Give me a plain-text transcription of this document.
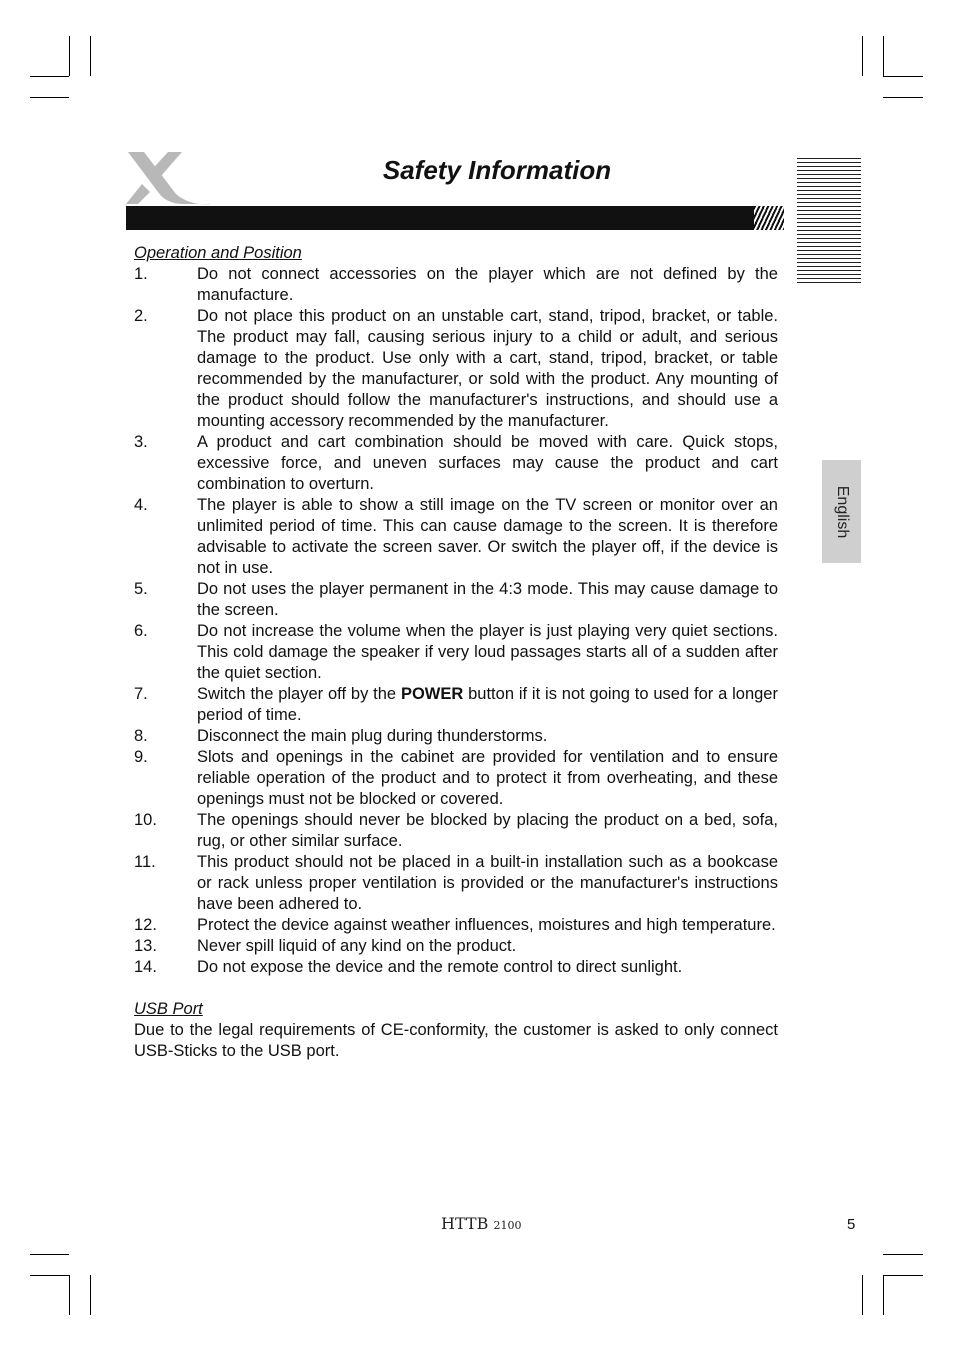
Safety Information
English
Operation and Position
1.	Do not connect accessories on the player which are not defined by the manufacture.
2.	Do not place this product on an unstable cart, stand, tripod, bracket, or table. The product may fall, causing serious injury to a child or adult, and serious damage to the product. Use only with a cart, stand, tripod, bracket, or table recommended by the manufacturer, or sold with the product. Any mounting of the product should follow the manufacturer's instructions, and should use a mounting accessory recommended by the manufacturer.
3.	A product and cart combination should be moved with care. Quick stops, excessive force, and uneven surfaces may cause the product and cart combination to overturn.
4.	The player is able to show a still image on the TV screen or monitor over an unlimited period of time. This can cause damage to the screen. It is therefore advisable to activate the screen saver. Or switch the player off, if the device is not in use.
5.	Do not uses the player permanent in the 4:3 mode. This may cause damage to the screen.
6.	Do not increase the volume when the player is just playing very quiet sections. This cold damage the speaker if very loud passages starts all of a sudden after the quiet section.
7.	Switch the player off by the POWER button if it is not going to used for a longer period of time.
8.	Disconnect the main plug during thunderstorms.
9.	Slots and openings in the cabinet are provided for ventilation and to ensure reliable operation of the product and to protect it from overheating, and these openings must not be blocked or covered.
10.	The openings should never be blocked by placing the product on a bed, sofa, rug, or other similar surface.
11.	This product should not be placed in a built-in installation such as a bookcase or rack unless proper ventilation is provided or the manufacturer's instructions have been adhered to.
12.	Protect the device against weather influences, moistures and high temperature.
13.	Never spill liquid of any kind on the product.
14.	Do not expose the device and the remote control to direct sunlight.
USB Port
Due to the legal requirements of CE-conformity, the customer is asked to only connect USB-Sticks to the USB port.
HTTB 2100	5
